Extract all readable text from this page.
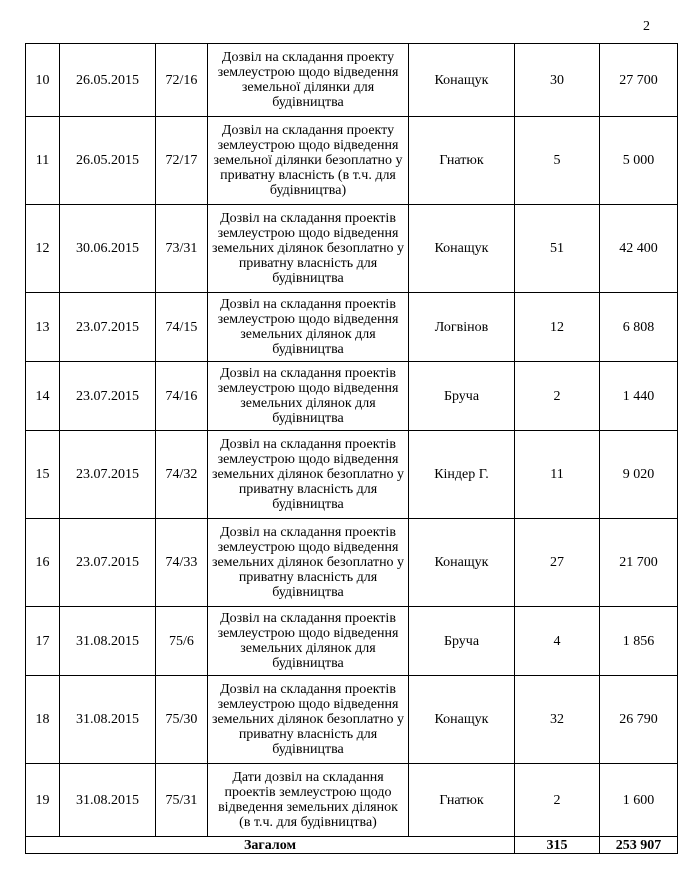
2
10	26.05.2015	72/16	Дозвіл на складання проекту землеустрою щодо відведення земельної ділянки для будівництва	Конащук	30	27 700
11	26.05.2015	72/17	Дозвіл на складання проекту землеустрою щодо відведення земельної ділянки безоплатно у приватну власність (в т.ч. для будівництва)	Гнатюк	5	5 000
12	30.06.2015	73/31	Дозвіл на складання проектів землеустрою щодо відведення земельних ділянок безоплатно у приватну власність для будівництва	Конащук	51	42 400
13	23.07.2015	74/15	Дозвіл на складання проектів землеустрою щодо відведення земельних ділянок для будівництва	Логвінов	12	6 808
14	23.07.2015	74/16	Дозвіл на складання проектів землеустрою щодо відведення земельних ділянок для будівництва	Бруча	2	1 440
15	23.07.2015	74/32	Дозвіл на складання проектів землеустрою щодо відведення земельних ділянок безоплатно у приватну власність для будівництва	Кіндер Г.	11	9 020
16	23.07.2015	74/33	Дозвіл на складання проектів землеустрою щодо відведення земельних ділянок безоплатно у приватну власність для будівництва	Конащук	27	21 700
17	31.08.2015	75/6	Дозвіл на складання проектів землеустрою щодо відведення земельних ділянок для будівництва	Бруча	4	1 856
18	31.08.2015	75/30	Дозвіл на складання проектів землеустрою щодо відведення земельних ділянок безоплатно у приватну власність для будівництва	Конащук	32	26 790
19	31.08.2015	75/31	Дати дозвіл на складання проектів землеустрою щодо відведення земельних ділянок (в т.ч. для будівництва)	Гнатюк	2	1 600
Загалом					315	253 907
